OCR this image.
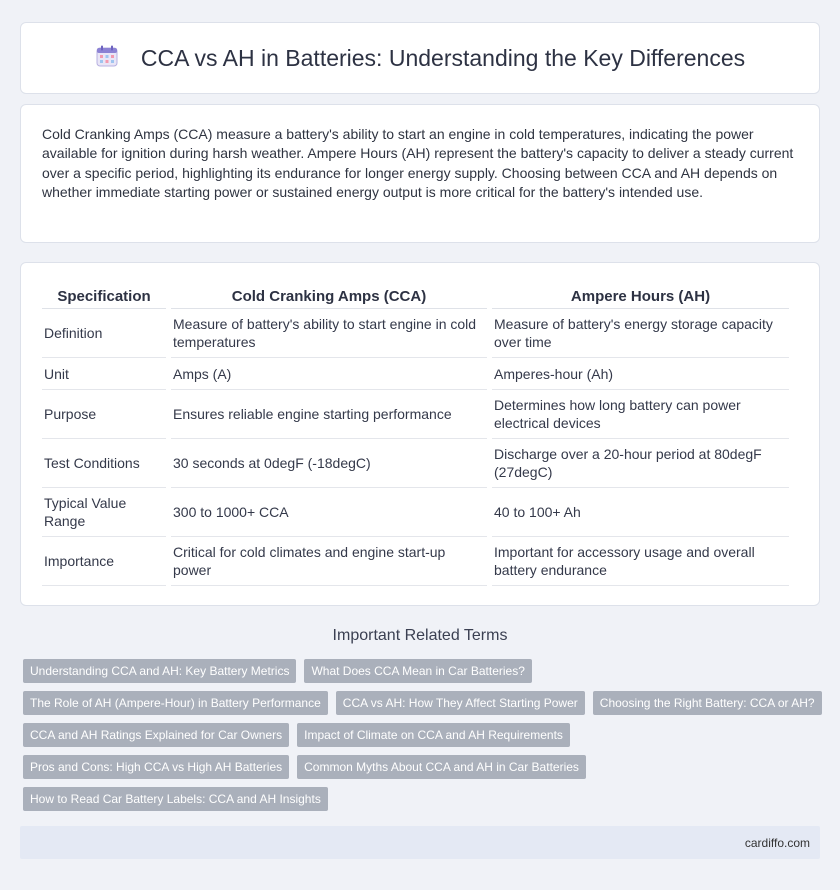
CCA vs AH in Batteries: Understanding the Key Differences

Cold Cranking Amps (CCA) measure a battery's ability to start an engine in cold temperatures, indicating the power available for ignition during harsh weather. Ampere Hours (AH) represent the battery's capacity to deliver a steady current over a specific period, highlighting its endurance for longer energy supply. Choosing between CCA and AH depends on whether immediate starting power or sustained energy output is more critical for the battery's intended use.

Specification	Cold Cranking Amps (CCA)	Ampere Hours (AH)
Definition	Measure of battery's ability to start engine in cold temperatures	Measure of battery's energy storage capacity over time
Unit	Amps (A)	Amperes-hour (Ah)
Purpose	Ensures reliable engine starting performance	Determines how long battery can power electrical devices
Test Conditions	30 seconds at 0degF (-18degC)	Discharge over a 20-hour period at 80degF (27degC)
Typical Value Range	300 to 1000+ CCA	40 to 100+ Ah
Importance	Critical for cold climates and engine start-up power	Important for accessory usage and overall battery endurance
Important Related Terms
Understanding CCA and AH: Key Battery Metrics	What Does CCA Mean in Car Batteries?
The Role of AH (Ampere-Hour) in Battery Performance	CCA vs AH: How They Affect Starting Power	Choosing the Right Battery: CCA or AH?
CCA and AH Ratings Explained for Car Owners	Impact of Climate on CCA and AH Requirements
Pros and Cons: High CCA vs High AH Batteries	Common Myths About CCA and AH in Car Batteries
How to Read Car Battery Labels: CCA and AH Insights
cardiffo.com
